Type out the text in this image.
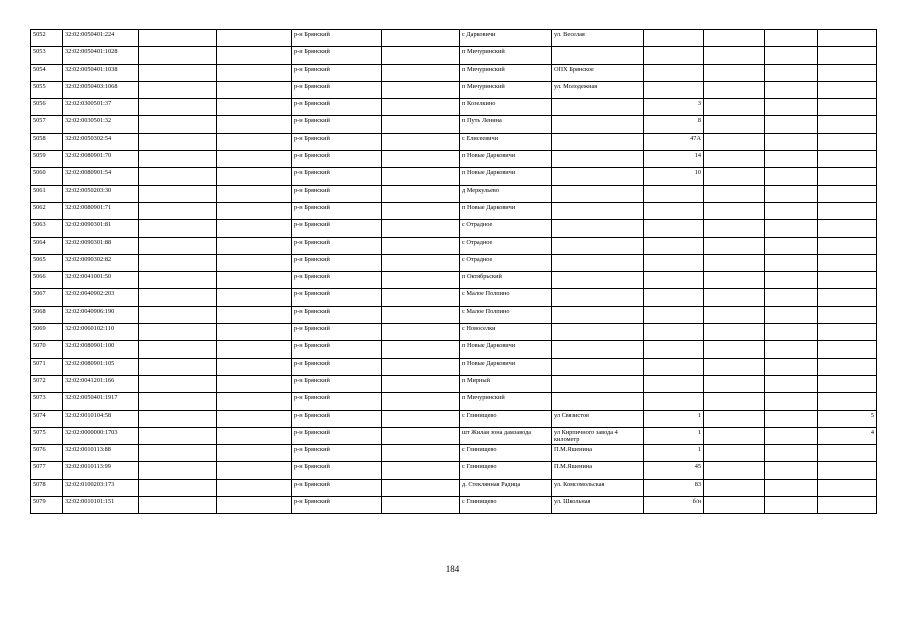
5052	32:02:0050401:224			р-н Брянский		с Дарковичи	ул. Веселая				
5053	32:02:0050401:1028			р-н Брянский		п Мичуринский					
5054	32:02:0050401:1038			р-н Брянский		п Мичуринский	ОПХ Брянское				
5055	32:02:0050403:1068			р-н Брянский		п Мичуринский	ул. Молодежная				
5056	32:02:0300501:37			р-н Брянский		п Козелкино		3			
5057	32:02:0030501:32			р-н Брянский		п Путь Ленина		8			
5058	32:02:0050302:54			р-н Брянский		с Елисеевичи		47А			
5059	32:02:0080901:70			р-н Брянский		п Новые Дарковичи		14			
5060	32:02:0080901:54			р-н Брянский		п Новые Дарковичи		10			
5061	32:02:0050203:30			р-н Брянский		д Меркульево					
5062	32:02:0080901:71			р-н Брянский		п Новые Дарковичи					
5063	32:02:0090301:81			р-н Брянский		с Отрадное					
5064	32:02:0090301:88			р-н Брянский		с Отрадное					
5065	32:02:0090302:82			р-н Брянский		с Отрадное					
5066	32:02:0041001:50			р-н Брянский		п Октябрьский					
5067	32:02:0040902:203			р-н Брянский		с Малое Полпино					
5068	32:02:0040906:190			р-н Брянский		с Малое Полпино					
5069	32:02:0060102:110			р-н Брянский		с Новоселки					
5070	32:02:0080901:100			р-н Брянский		п Новые Дарковичи					
5071	32:02:0080901:105			р-н Брянский		п Новые Дарковичи					
5072	32:02:0041201:166			р-н Брянский		п Мирный					
5073	32:02:0050401:1917			р-н Брянский		п Мичуринский					
5074	32:02:0010104:58			р-н Брянский		с Глинищево	ул Связистов	1			5
5075	32:02:0000000:1703			р-н Брянский		шт Жилая зона дамзавода	ул Кирпичного завода 4 километр	1			4
5076	32:02:0010113:88			р-н Брянский		с Глинищево	П.М.Яшенина	1			
5077	32:02:0010113:99			р-н Брянский		с Глинищево	П.М.Яшенина	45			
5078	32:02:0100203:173			р-н Брянский		д. Стеклянная Радица	ул. Комсомольская	83			
5079	32:02:0010101:151			р-н Брянский		с Глинищево	ул. Школьная	б/н			
184
